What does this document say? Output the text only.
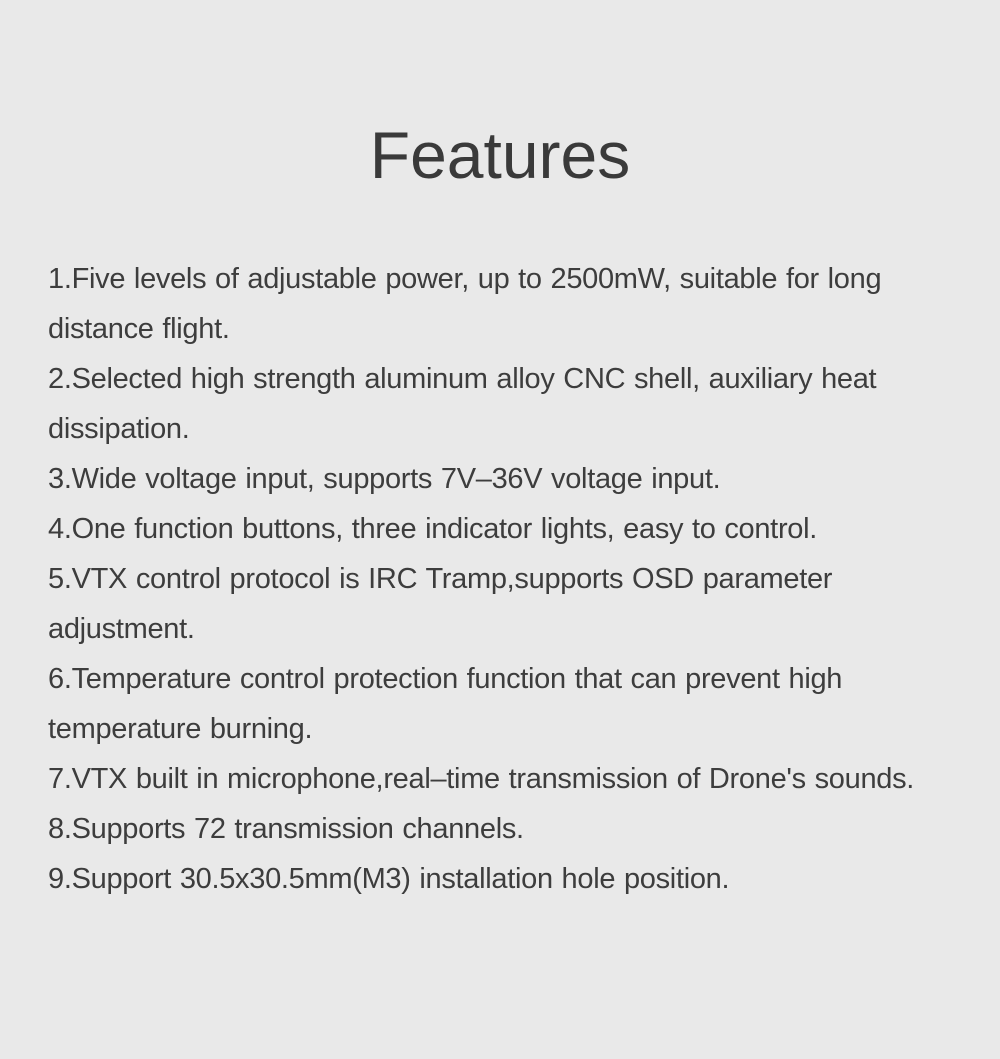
Features

1.Five levels of adjustable power, up to 2500mW, suitable for long distance flight.

2.Selected high strength aluminum alloy CNC shell, auxiliary heat dissipation.

3.Wide voltage input, supports 7V–36V voltage input.

4.One function buttons, three indicator lights, easy to control.

5.VTX control protocol is IRC Tramp,supports OSD parameter adjustment.

6.Temperature control protection function that can prevent high temperature burning.

7.VTX built in microphone,real–time transmission of Drone's sounds.

8.Supports 72 transmission channels.

9.Support 30.5x30.5mm(M3) installation hole position.
